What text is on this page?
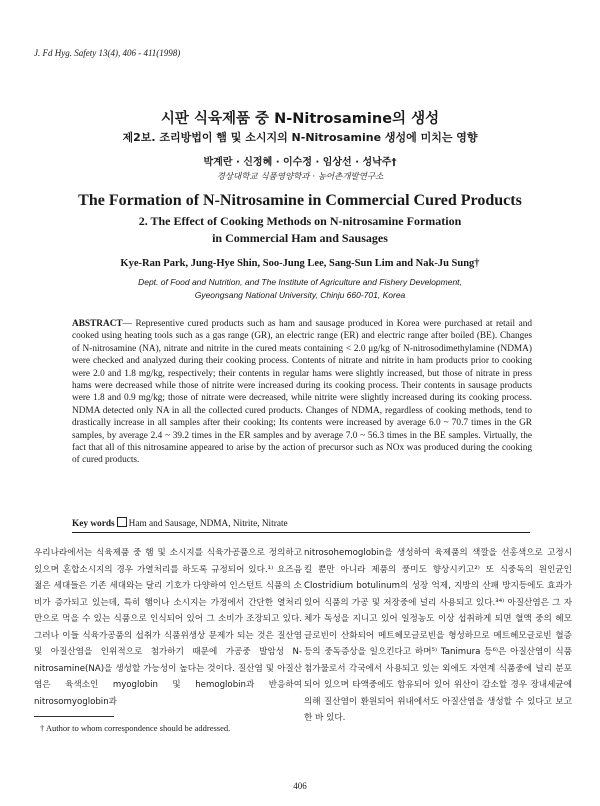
J. Fd Hyg. Safety 13(4), 406 - 411(1998)
시판 식육제품 중 N-Nitrosamine의 생성
제2보. 조리방법이 햄 및 소시지의 N-Nitrosamine 생성에 미치는 영향
박계란 · 신정혜 · 이수정 · 임상선 · 성낙주†
경상대학교 식품영양학과 · 농어촌개발연구소
The Formation of N-Nitrosamine in Commercial Cured Products
2. The Effect of Cooking Methods on N-nitrosamine Formation
in Commercial Ham and Sausages
Kye-Ran Park, Jung-Hye Shin, Soo-Jung Lee, Sang-Sun Lim and Nak-Ju Sung†
Dept. of Food and Nutrition, and The Institute of Agriculture and Fishery Development,
Gyeongsang National University, Chinju 660-701, Korea
ABSTRACT— Representive cured products such as ham and sausage produced in Korea were purchased at retail and cooked using heating tools such as a gas range (GR), an electric range (ER) and electric range after boiled (BE). Changes of N-nitrosamine (NA), nitrate and nitrite in the cured meats containing < 2.0 μg/kg of N-nitrosodimethylamine (NDMA) were checked and analyzed during their cooking process. Contents of nitrate and nitrite in ham products prior to cooking were 2.0 and 1.8 mg/kg, respectively; their contents in regular hams were slightly increased, but those of nitrate in press hams were decreased while those of nitrite were increased during its cooking process. Their contents in sausage products were 1.8 and 0.9 mg/kg; those of nitrate were decreased, while nitrite were slightly increased during its cooking process. NDMA detected only NA in all the collected cured products. Changes of NDMA, regardless of cooking methods, tend to drastically increase in all samples after their cooking; Its contents were increased by average 6.0 ~ 70.7 times in the GR samples, by average 2.4 ~ 39.2 times in the ER samples and by average 7.0 ~ 56.3 times in the BE samples. Virtually, the fact that all of this nitrosamine appeared to arise by the action of precursor such as NOx was produced during the cooking of cured products.
Key words Ham and Sausage, NDMA, Nitrite, Nitrate
우리나라에서는 식육제품 중 햄 및 소시지를 식육가공품으로 정의하고 있으며 혼합소시지의 경우 가열처리를 하도록 규정되어 있다.¹⁾ 요즈음 젊은 세대들은 기존 세대와는 달리 기호가 다양하여 인스턴트 식품의 소비가 증가되고 있는데, 특히 햄이나 소시지는 가정에서 간단한 열처리 만으로 먹을 수 있는 식품으로 인식되어 있어 그 소비가 조장되고 있다. 그러나 이들 식육가공품의 섭취가 식품위생상 문제가 되는 것은 질산염 및 아질산염을 인위적으로 첨가하기 때문에 가공중 발암성 N-nitrosamine(NA)을 생성할 가능성이 높다는 것이다. 질산염 및 아질산염은 육색소인 myoglobin 및 hemoglobin과 반응하여 nitrosomyoglobin과
nitrosohemoglobin을 생성하여 육제품의 색깔을 선홍색으로 고정시킬 뿐만 아니라 제품의 풍미도 향상시키고²⁾ 또 식중독의 원인균인 Clostridium botulinum의 성장 억제, 지방의 산패 방지등에도 효과가 있어 식품의 가공 및 저장중에 널리 사용되고 있다.³⁴⁾ 아질산염은 그 자체가 독성을 지니고 있어 일정농도 이상 섭취하게 되면 혈액 중의 헤모글로빈이 산화되어 메트헤모글로빈을 형성하므로 메트헤모글로빈 혈증 등의 중독증상을 일으킨다고 하며⁵⁾ Tanimura 등⁶⁾은 아질산염이 식품첨가물로서 각국에서 사용되고 있는 외에도 자연계 식품중에 널리 분포되어 있으며 타액중에도 함유되어 있어 위산이 감소할 경우 장내세균에 의해 질산염이 환원되어 위내에서도 아질산염을 생성할 수 있다고 보고한 바 있다.
† Author to whom correspondence should be addressed.
406
